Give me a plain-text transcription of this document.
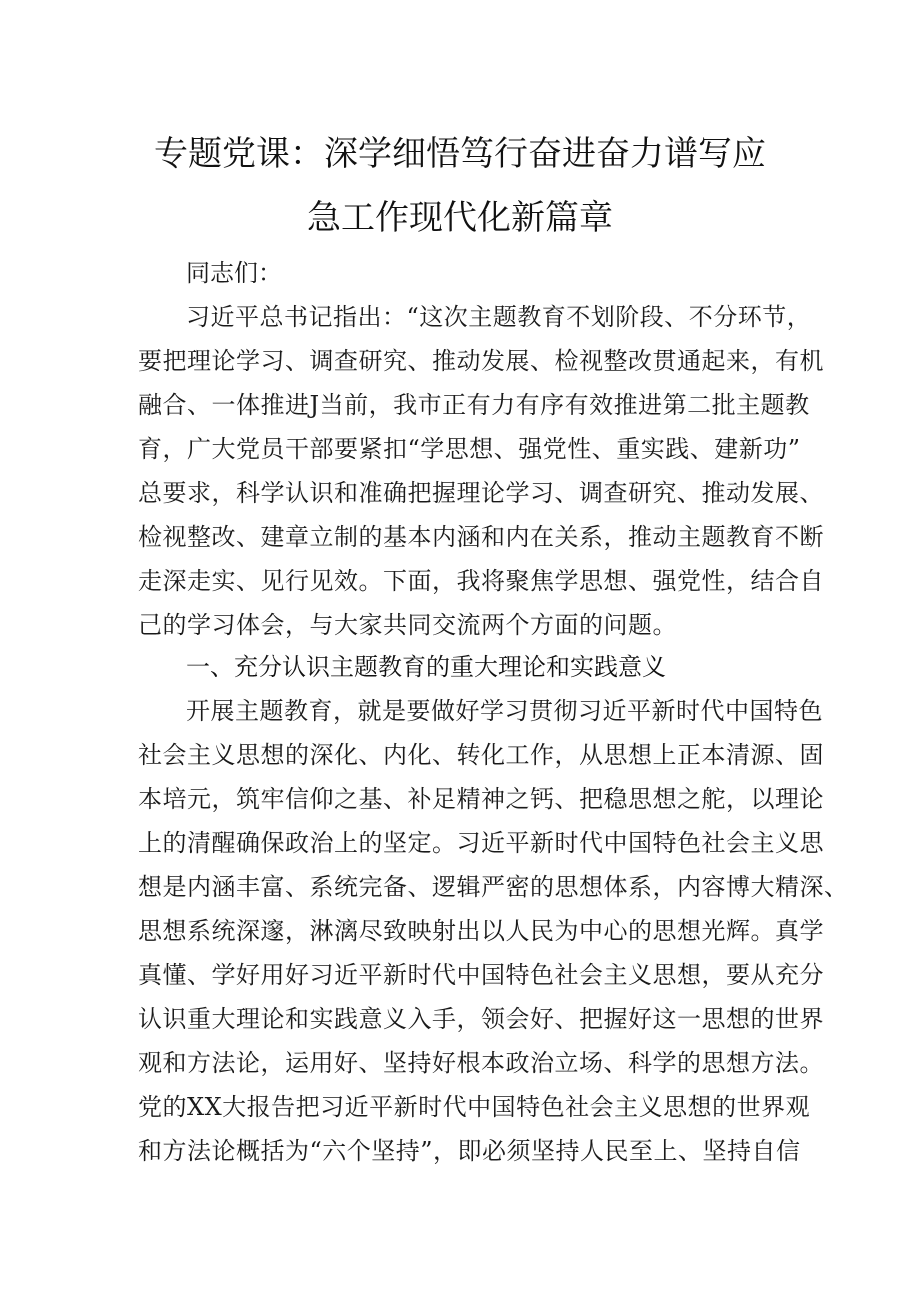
专题党课：深学细悟笃行奋进奋力谱写应
急工作现代化新篇章
同志们：
习近平总书记指出：“这次主题教育不划阶段、不分环节，
要把理论学习、调查研究、推动发展、检视整改贯通起来，有机
融合、一体推进J当前，我市正有力有序有效推进第二批主题教
育，广大党员干部要紧扣“学思想、强党性、重实践、建新功”
总要求，科学认识和准确把握理论学习、调查研究、推动发展、
检视整改、建章立制的基本内涵和内在关系，推动主题教育不断
走深走实、见行见效。下面，我将聚焦学思想、强党性，结合自
己的学习体会，与大家共同交流两个方面的问题。
一、充分认识主题教育的重大理论和实践意义
开展主题教育，就是要做好学习贯彻习近平新时代中国特色
社会主义思想的深化、内化、转化工作，从思想上正本清源、固
本培元，筑牢信仰之基、补足精神之钙、把稳思想之舵，以理论
上的清醒确保政治上的坚定。习近平新时代中国特色社会主义思
想是内涵丰富、系统完备、逻辑严密的思想体系，内容博大精深、
思想系统深邃，淋漓尽致映射出以人民为中心的思想光辉。真学
真懂、学好用好习近平新时代中国特色社会主义思想，要从充分
认识重大理论和实践意义入手，领会好、把握好这一思想的世界
观和方法论，运用好、坚持好根本政治立场、科学的思想方法。
党的XX大报告把习近平新时代中国特色社会主义思想的世界观
和方法论概括为“六个坚持”，即必须坚持人民至上、坚持自信
